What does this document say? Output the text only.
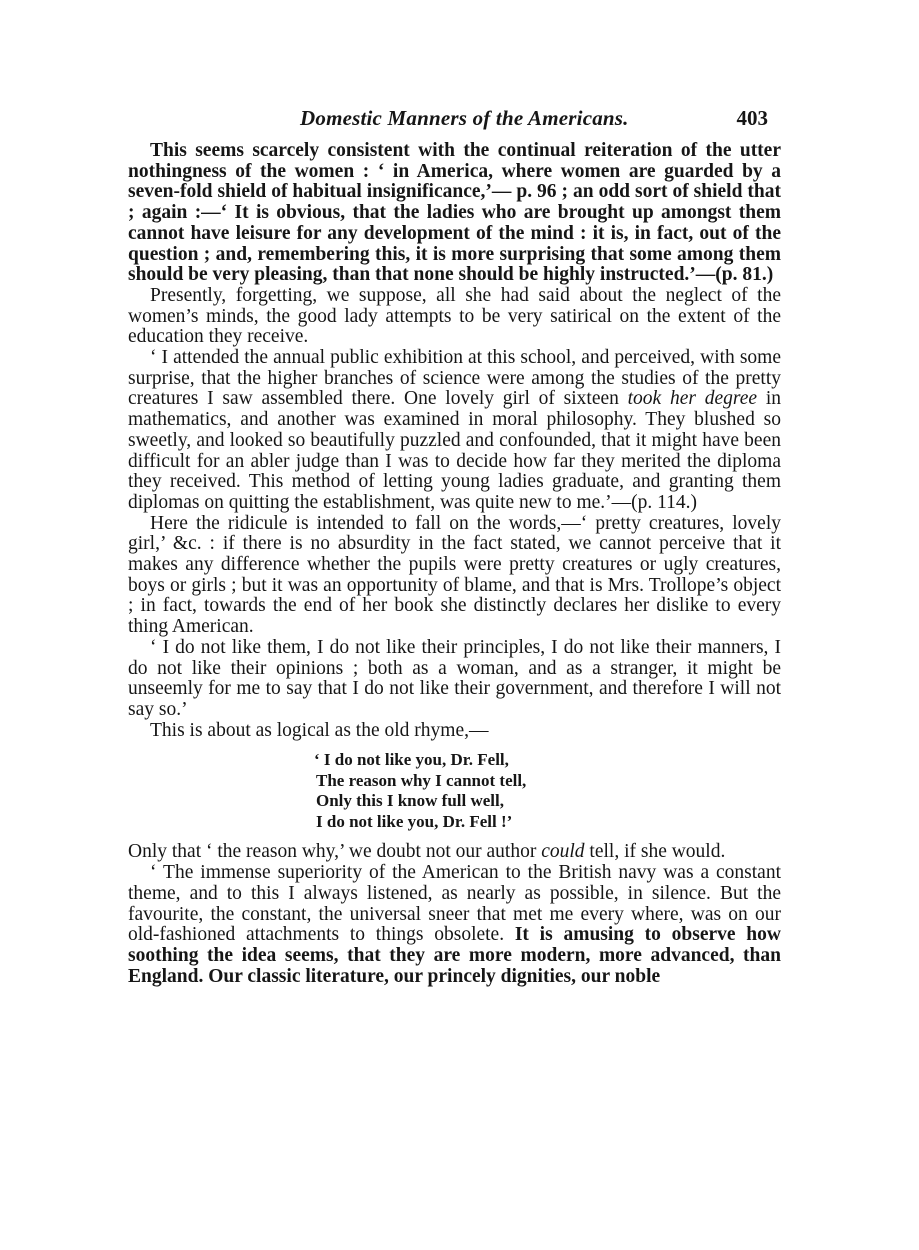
Domestic Manners of the Americans.	403

This seems scarcely consistent with the continual reiteration of the utter nothingness of the women : ‘ in America, where women are guarded by a seven-fold shield of habitual insignificance,’— p. 96 ; an odd sort of shield that ; again :—‘ It is obvious, that the ladies who are brought up amongst them cannot have leisure for any development of the mind : it is, in fact, out of the question ; and, remembering this, it is more surprising that some among them should be very pleasing, than that none should be highly instructed.’—(p. 81.)

Presently, forgetting, we suppose, all she had said about the neglect of the women’s minds, the good lady attempts to be very satirical on the extent of the education they receive.

‘ I attended the annual public exhibition at this school, and perceived, with some surprise, that the higher branches of science were among the studies of the pretty creatures I saw assembled there. One lovely girl of sixteen took her degree in mathematics, and another was examined in moral philosophy. They blushed so sweetly, and looked so beautifully puzzled and confounded, that it might have been difficult for an abler judge than I was to decide how far they merited the diploma they received. This method of letting young ladies graduate, and granting them diplomas on quitting the establishment, was quite new to me.’—(p. 114.)

Here the ridicule is intended to fall on the words,—‘ pretty creatures, lovely girl,’ &c. : if there is no absurdity in the fact stated, we cannot perceive that it makes any difference whether the pupils were pretty creatures or ugly creatures, boys or girls ; but it was an opportunity of blame, and that is Mrs. Trollope’s object ; in fact, towards the end of her book she distinctly declares her dislike to every thing American.

‘ I do not like them, I do not like their principles, I do not like their manners, I do not like their opinions ; both as a woman, and as a stranger, it might be unseemly for me to say that I do not like their government, and therefore I will not say so.’

This is about as logical as the old rhyme,—

‘ I do not like you, Dr. Fell,
The reason why I cannot tell,
Only this I know full well,
I do not like you, Dr. Fell !’

Only that ‘ the reason why,’ we doubt not our author could tell, if she would.

‘ The immense superiority of the American to the British navy was a constant theme, and to this I always listened, as nearly as possible, in silence. But the favourite, the constant, the universal sneer that met me every where, was on our old-fashioned attachments to things obsolete. It is amusing to observe how soothing the idea seems, that they are more modern, more advanced, than England. Our classic literature, our princely dignities, our noble
